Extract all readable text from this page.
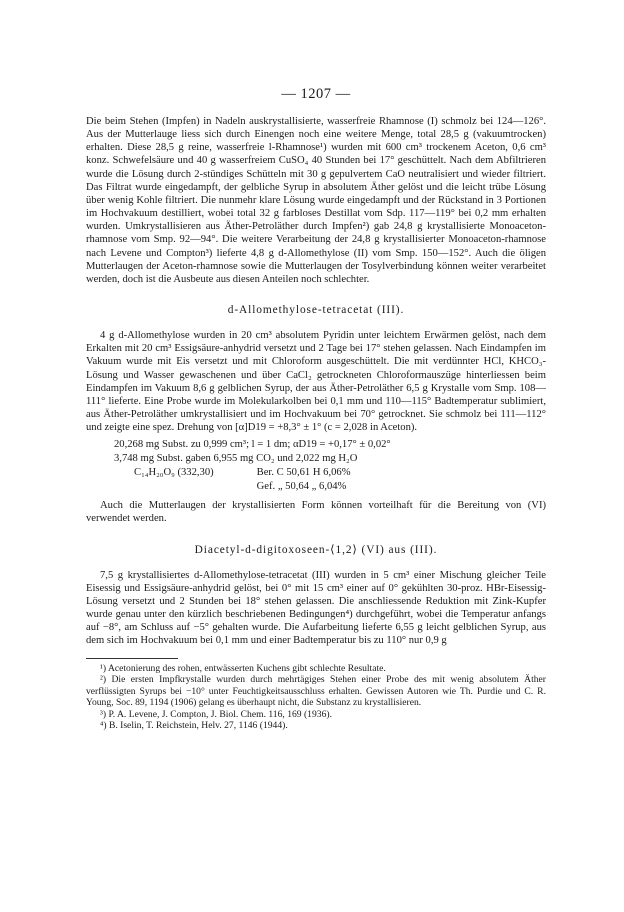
— 1207 —

Die beim Stehen (Impfen) in Nadeln auskrystallisierte, wasserfreie Rhamnose (I) schmolz bei 124—126°. Aus der Mutterlauge liess sich durch Einengen noch eine weitere Menge, total 28,5 g (vakuumtrocken) erhalten. Diese 28,5 g reine, wasserfreie l-Rhamnose¹) wurden mit 600 cm³ trockenem Aceton, 0,6 cm³ konz. Schwefelsäure und 40 g wasserfreiem CuSO₄ 40 Stunden bei 17° geschüttelt. Nach dem Abfiltrieren wurde die Lösung durch 2-stündiges Schütteln mit 30 g gepulvertem CaO neutralisiert und wieder filtriert. Das Filtrat wurde eingedampft, der gelbliche Syrup in absolutem Äther gelöst und die leicht trübe Lösung über wenig Kohle filtriert. Die nunmehr klare Lösung wurde eingedampft und der Rückstand in 3 Portionen im Hochvakuum destilliert, wobei total 32 g farbloses Destillat vom Sdp. 117—119° bei 0,2 mm erhalten wurden. Umkrystallisieren aus Äther-Petroläther durch Impfen²) gab 24,8 g krystallisierte Monoaceton-rhamnose vom Smp. 92—94°. Die weitere Verarbeitung der 24,8 g krystallisierter Monoaceton-rhamnose nach Levene und Compton³) lieferte 4,8 g d-Allomethylose (II) vom Smp. 150—152°. Auch die öligen Mutterlaugen der Aceton-rhamnose sowie die Mutterlaugen der Tosylverbindung können weiter verarbeitet werden, doch ist die Ausbeute aus diesen Anteilen noch schlechter.

d-Allomethylose-tetracetat (III).

4 g d-Allomethylose wurden in 20 cm³ absolutem Pyridin unter leichtem Erwärmen gelöst, nach dem Erkalten mit 20 cm³ Essigsäure-anhydrid versetzt und 2 Tage bei 17° stehen gelassen. Nach Eindampfen im Vakuum wurde mit Eis versetzt und mit Chloroform ausgeschüttelt. Die mit verdünnter HCl, KHCO₃-Lösung und Wasser gewaschenen und über CaCl₂ getrockneten Chloroformauszüge hinterliessen beim Eindampfen im Vakuum 8,6 g gelblichen Syrup, der aus Äther-Petroläther 6,5 g Krystalle vom Smp. 108—111° lieferte. Eine Probe wurde im Molekularkolben bei 0,1 mm und 110—115° Badtemperatur sublimiert, aus Äther-Petroläther umkrystallisiert und im Hochvakuum bei 70° getrocknet. Sie schmolz bei 111—112° und zeigte eine spez. Drehung von [α]D19 = +8,3° ± 1° (c = 2,028 in Aceton).

20,268 mg Subst. zu 0,999 cm³; l = 1 dm; αD19 = +0,17° ± 0,02°
3,748 mg Subst. gaben 6,955 mg CO₂ und 2,022 mg H₂O
C₁₄H₂₀O₉ (332,30)	Ber. C 50,61 H 6,06%
Gef. „ 50,64 „ 6,04%

Auch die Mutterlaugen der krystallisierten Form können vorteilhaft für die Bereitung von (VI) verwendet werden.

Diacetyl-d-digitoxoseen-⟨1,2⟩ (VI) aus (III).

7,5 g krystallisiertes d-Allomethylose-tetracetat (III) wurden in 5 cm³ einer Mischung gleicher Teile Eisessig und Essigsäure-anhydrid gelöst, bei 0° mit 15 cm³ einer auf 0° gekühlten 30-proz. HBr-Eisessig-Lösung versetzt und 2 Stunden bei 18° stehen gelassen. Die anschliessende Reduktion mit Zink-Kupfer wurde genau unter den kürzlich beschriebenen Bedingungen⁴) durchgeführt, wobei die Temperatur anfangs auf −8°, am Schluss auf −5° gehalten wurde. Die Aufarbeitung lieferte 6,55 g leicht gelblichen Syrup, aus dem sich im Hochvakuum bei 0,1 mm und einer Badtemperatur bis zu 110° nur 0,9 g

¹) Acetonierung des rohen, entwässerten Kuchens gibt schlechte Resultate.
²) Die ersten Impfkrystalle wurden durch mehrtägiges Stehen einer Probe des mit wenig absolutem Äther verflüssigten Syrups bei −10° unter Feuchtigkeitsausschluss erhalten. Gewissen Autoren wie Th. Purdie und C. R. Young, Soc. 89, 1194 (1906) gelang es überhaupt nicht, die Substanz zu krystallisieren.
³) P. A. Levene, J. Compton, J. Biol. Chem. 116, 169 (1936).
⁴) B. Iselin, T. Reichstein, Helv. 27, 1146 (1944).
